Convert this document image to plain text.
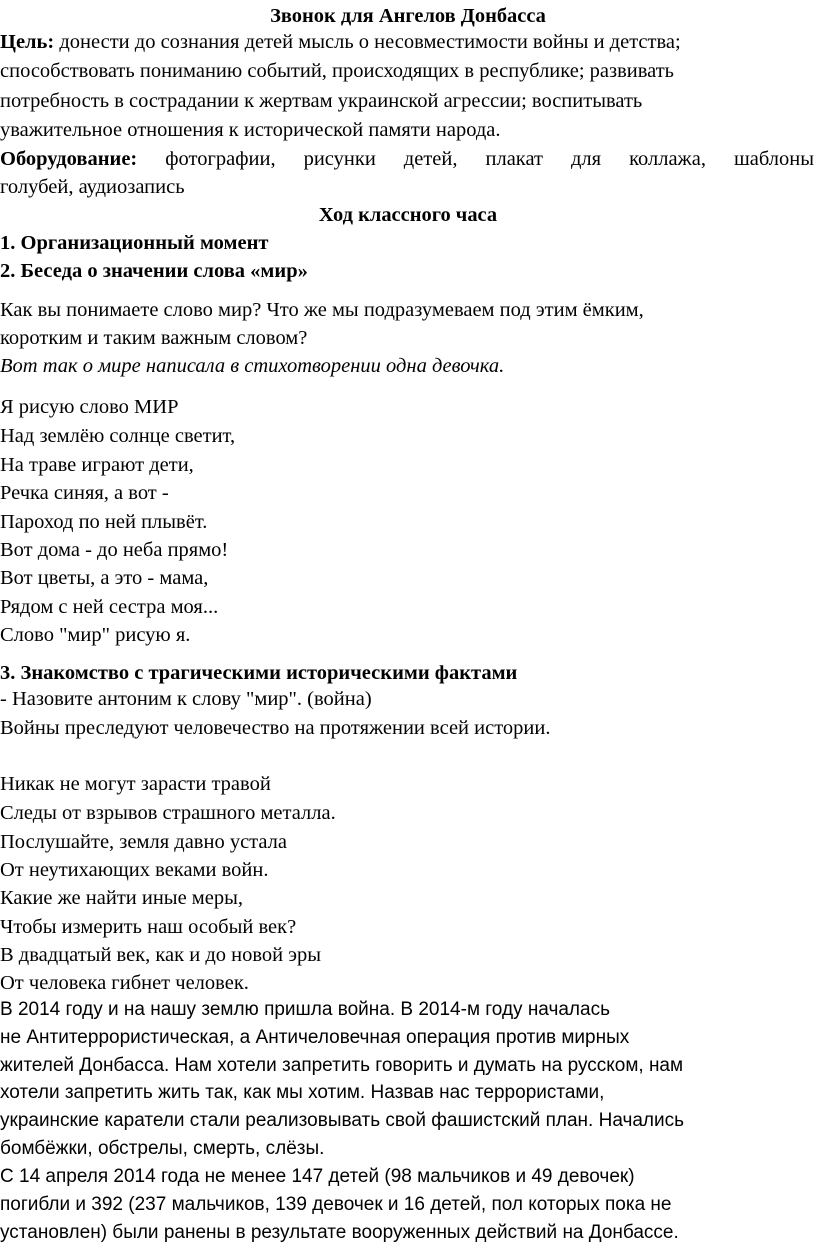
Звонок для Ангелов Донбасса

Цель: донести до сознания детей мысль о несовместимости войны и детства;

способствовать пониманию событий, происходящих в республике; развивать

потребность в сострадании к жертвам украинской агрессии; воспитывать

уважительное отношения к исторической памяти народа.

Оборудование: фотографии, рисунки детей, плакат для коллажа, шаблоны

голубей, аудиозапись

Ход классного часа

1. Организационный момент

2. Беседа о значении слова «мир»

Как вы понимаете слово мир? Что же мы подразумеваем под этим ёмким,

коротким и таким важным словом?

Вот так о мире написала в стихотворении одна девочка.

Я рисую слово МИР

Над землёю солнце светит,

На траве играют дети,

Речка синяя, а вот -

Пароход по ней плывёт.

Вот дома - до неба прямо!

Вот цветы, а это - мама,

Рядом с ней сестра моя...

Слово "мир" рисую я.

3. Знакомство с трагическими историческими фактами

- Назовите антоним к слову "мир". (война)

Войны преследуют человечество на протяжении всей истории.

Никак не могут зарасти травой

Следы от взрывов страшного металла.

Послушайте, земля давно устала

От неутихающих веками войн.

Какие же найти иные меры,

Чтобы измерить наш особый век?

В двадцатый век, как и до новой эры

От человека гибнет человек.

В 2014 году и на нашу землю пришла война. В 2014-м году началась

не Антитеррористическая, а Античеловечная операция против мирных

жителей Донбасса. Нам хотели запретить говорить и думать на русском, нам

хотели запретить жить так, как мы хотим. Назвав нас террористами,

украинские каратели стали реализовывать свой фашистский план. Начались

бомбёжки, обстрелы, смерть, слёзы.

С 14 апреля 2014 года не менее 147 детей (98 мальчиков и 49 девочек)

погибли и 392 (237 мальчиков, 139 девочек и 16 детей, пол которых пока не

установлен) были ранены в результате вооруженных действий на Донбассе.
